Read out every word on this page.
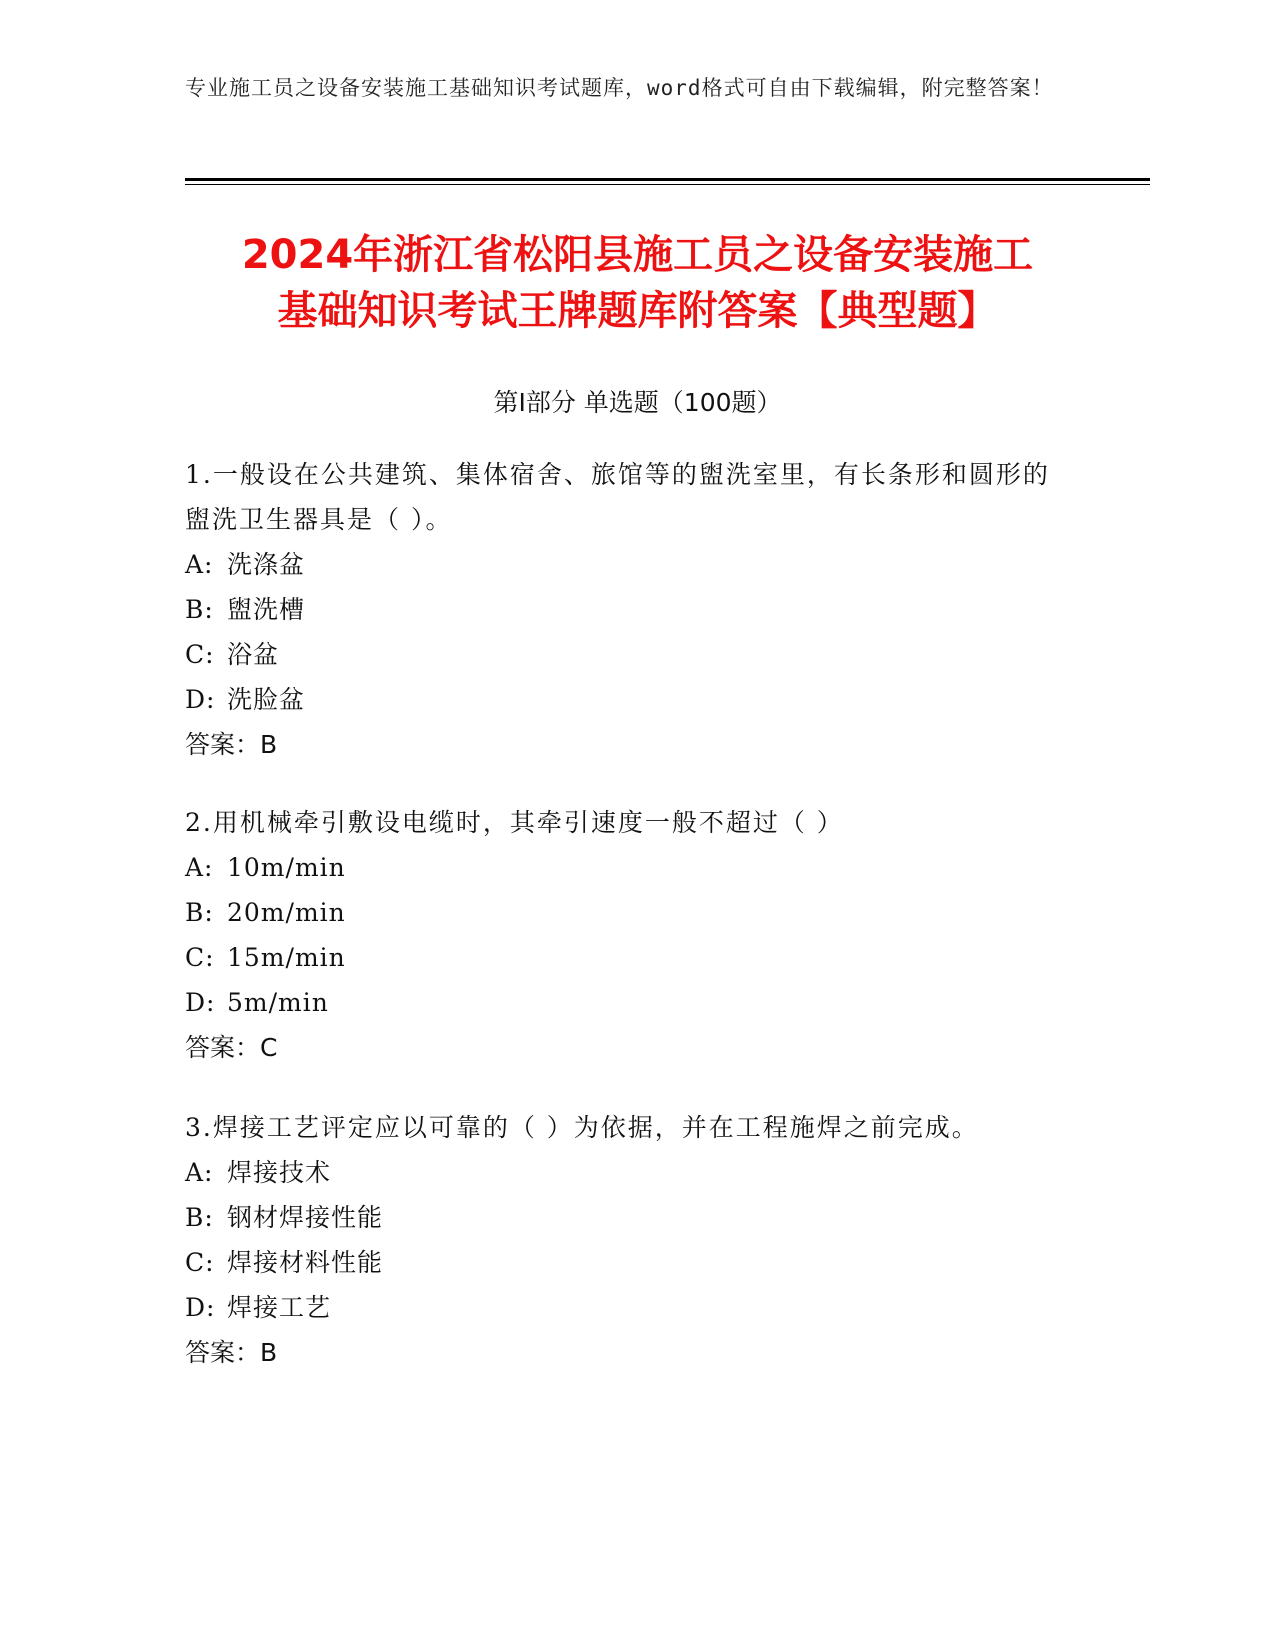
专业施工员之设备安装施工基础知识考试题库，word格式可自由下载编辑，附完整答案！
2024年浙江省松阳县施工员之设备安装施工
基础知识考试王牌题库附答案【典型题】
第I部分 单选题（100题）

1.一般设在公共建筑、集体宿舍、旅馆等的盥洗室里，有长条形和圆形的盥洗卫生器具是（ ）。

A: 洗涤盆

B: 盥洗槽

C: 浴盆

D: 洗脸盆

答案：B

2.用机械牵引敷设电缆时，其牵引速度一般不超过（ ）

A: 10m/min

B: 20m/min

C: 15m/min

D: 5m/min

答案：C

3.焊接工艺评定应以可靠的（ ）为依据，并在工程施焊之前完成。

A: 焊接技术

B: 钢材焊接性能

C: 焊接材料性能

D: 焊接工艺

答案：B
